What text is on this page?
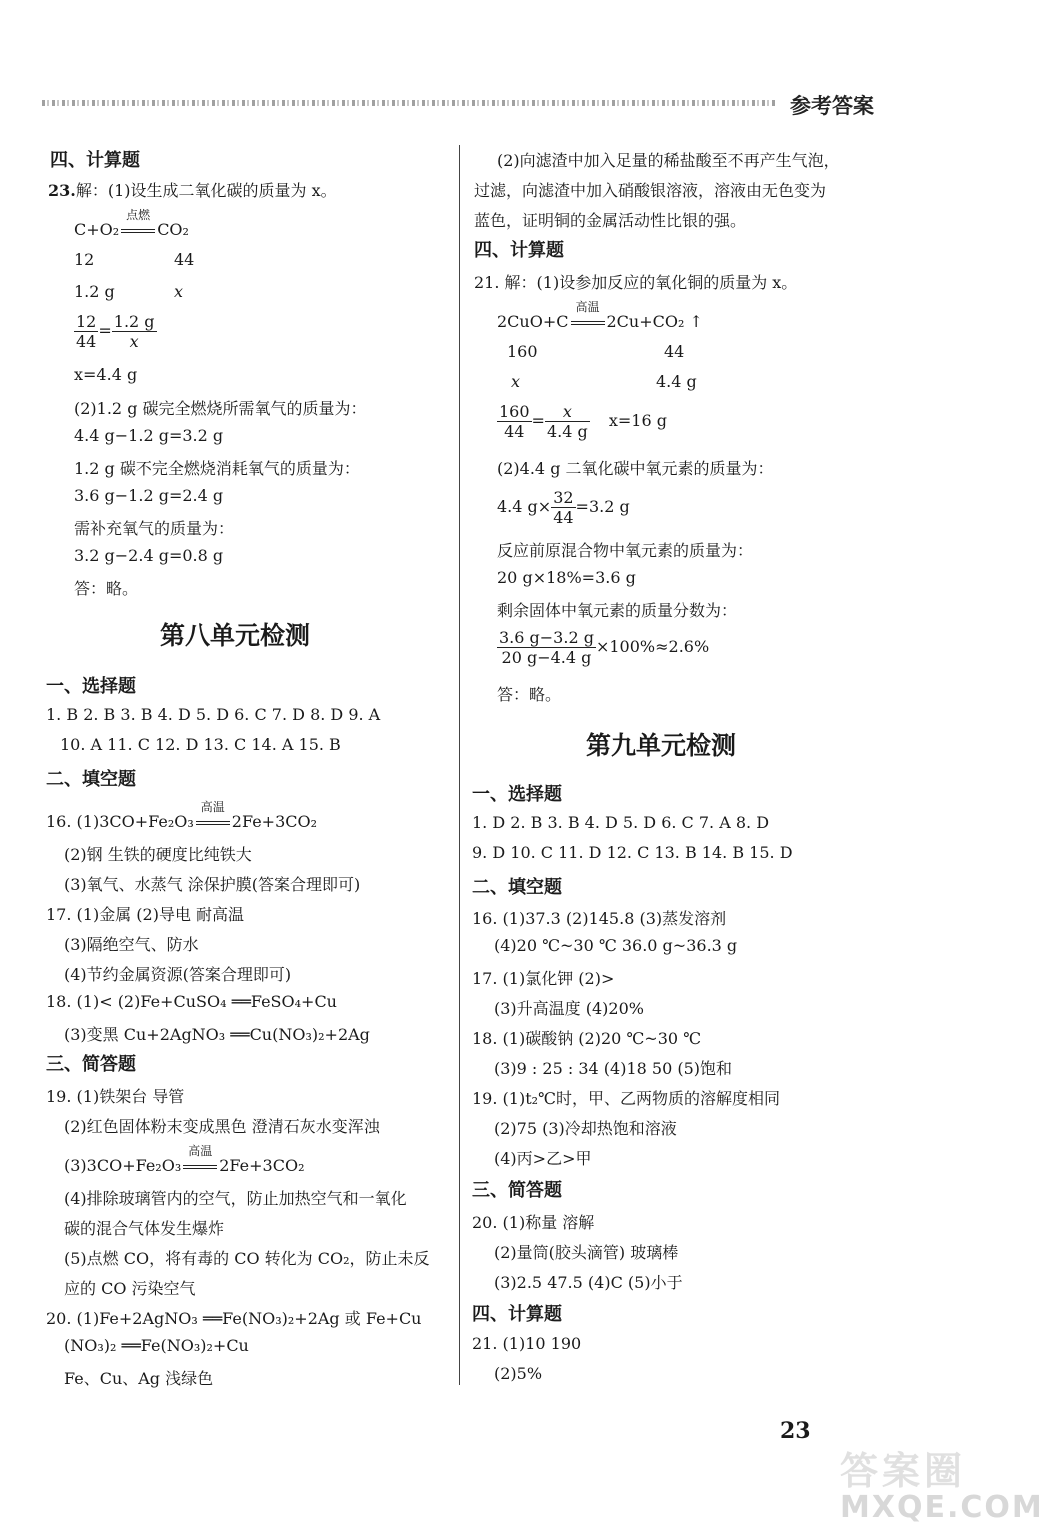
参考答案
四、计算题
23.解：(1)设生成二氧化碳的质量为 x。
C+O₂
点燃
CO₂
12	44
1.2 g	x
$\frac{12}{44} = \frac{1.2 g}{x}$
x=4.4 g
(2)1.2 g 碳完全燃烧所需氧气的质量为：
4.4 g−1.2 g=3.2 g
1.2 g 碳不完全燃烧消耗氧气的质量为：
3.6 g−1.2 g=2.4 g
需补充氧气的质量为：
3.2 g−2.4 g=0.8 g
答：略。
第八单元检测
一、选择题
1. B 2. B 3. B 4. D 5. D 6. C 7. D 8. D 9. A
10. A 11. C 12. D 13. C 14. A 15. B
二、填空题
16. (1)3CO+Fe₂O₃
高温
2Fe+3CO₂
(2)钢 生铁的硬度比纯铁大
(3)氧气、水蒸气 涂保护膜(答案合理即可)
17. (1)金属 (2)导电 耐高温
(3)隔绝空气、防水
(4)节约金属资源(答案合理即可)
18. (1)< (2)Fe+CuSO₄ ══FeSO₄+Cu
(3)变黑 Cu+2AgNO₃ ══Cu(NO₃)₂+2Ag
三、简答题
19. (1)铁架台 导管
(2)红色固体粉末变成黑色 澄清石灰水变浑浊
(3)3CO+Fe₂O₃
高温
2Fe+3CO₂
(4)排除玻璃管内的空气，防止加热空气和一氧化
碳的混合气体发生爆炸
(5)点燃 CO，将有毒的 CO 转化为 CO₂，防止未反
应的 CO 污染空气
20. (1)Fe+2AgNO₃ ══Fe(NO₃)₂+2Ag 或 Fe+Cu
(NO₃)₂ ══Fe(NO₃)₂+Cu
Fe、Cu、Ag 浅绿色
(2)向滤渣中加入足量的稀盐酸至不再产生气泡，
过滤，向滤渣中加入硝酸银溶液，溶液由无色变为
蓝色，证明铜的金属活动性比银的强。
四、计算题
21. 解：(1)设参加反应的氧化铜的质量为 x。
2CuO+C
高温
2Cu+CO₂ ↑
160	44
x	4.4 g
$\frac{160}{44} = \frac{x}{4.4 g} x=16$ g
(2)4.4 g 二氧化碳中氧元素的质量为：
4.4 $g\times \frac{32}{44} =3.2$ g
反应前原混合物中氧元素的质量为：
20 g×18%=3.6 g
剩余固体中氧元素的质量分数为：
$\frac{3.6 g-3.2 g}{20 g-4.4 g} \times 100\%\approx 2.6\%$
答：略。
第九单元检测
一、选择题
1. D 2. B 3. B 4. D 5. D 6. C 7. A 8. D
9. D 10. C 11. D 12. C 13. B 14. B 15. D
二、填空题
16. (1)37.3 (2)145.8 (3)蒸发溶剂
(4)20 ℃~30 ℃ 36.0 g~36.3 g
17. (1)氯化钾 (2)>
(3)升高温度 (4)20%
18. (1)碳酸钠 (2)20 ℃~30 ℃
(3)9 : 25 : 34 (4)18 50 (5)饱和
19. (1)t₂℃时，甲、乙两物质的溶解度相同
(2)75 (3)冷却热饱和溶液
(4)丙>乙>甲
三、简答题
20. (1)称量 溶解
(2)量筒(胶头滴管) 玻璃棒
(3)2.5 47.5 (4)C (5)小于
四、计算题
21. (1)10 190
(2)5%
23
答案圈
MXQE.COM
